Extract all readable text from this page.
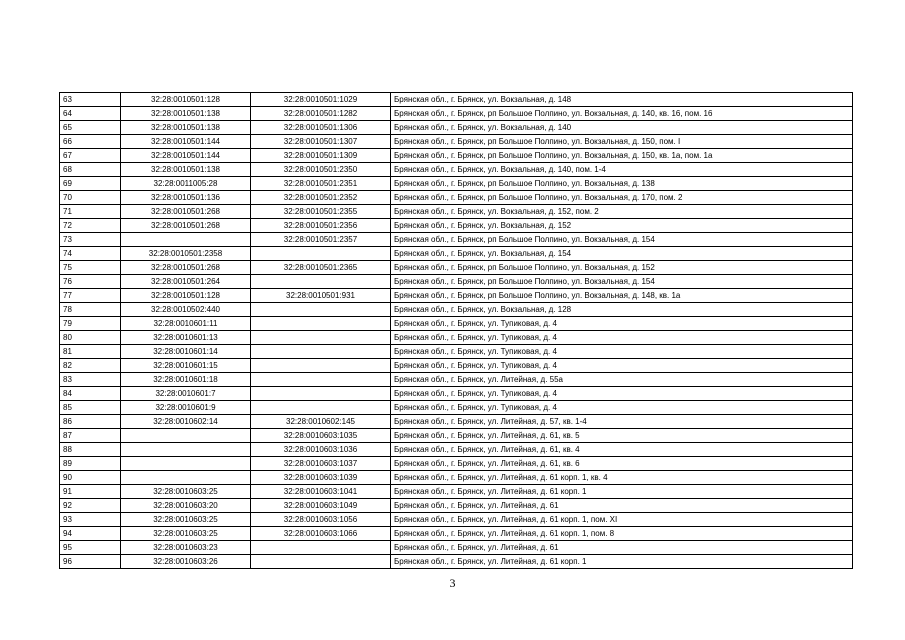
63	32:28:0010501:128	32:28:0010501:1029	Брянская обл., г. Брянск, ул. Вокзальная, д. 148
64	32:28:0010501:138	32:28:0010501:1282	Брянская обл., г. Брянск, рп Большое Полпино, ул. Вокзальная, д. 140, кв. 16, пом. 16
65	32:28:0010501:138	32:28:0010501:1306	Брянская обл., г. Брянск, ул. Вокзальная, д. 140
66	32:28:0010501:144	32:28:0010501:1307	Брянская обл., г. Брянск, рп Большое Полпино, ул. Вокзальная, д. 150, пом. I
67	32:28:0010501:144	32:28:0010501:1309	Брянская обл., г. Брянск, рп Большое Полпино, ул. Вокзальная, д. 150, кв. 1а, пом. 1а
68	32:28:0010501:138	32:28:0010501:2350	Брянская обл., г. Брянск, ул. Вокзальная, д. 140, пом. 1-4
69	32:28:0011005:28	32:28:0010501:2351	Брянская обл., г. Брянск, рп Большое Полпино, ул. Вокзальная, д. 138
70	32:28:0010501:136	32:28:0010501:2352	Брянская обл., г. Брянск, рп Большое Полпино, ул. Вокзальная, д. 170, пом. 2
71	32:28:0010501:268	32:28:0010501:2355	Брянская обл., г. Брянск, ул. Вокзальная, д. 152, пом. 2
72	32:28:0010501:268	32:28:0010501:2356	Брянская обл., г. Брянск, ул. Вокзальная, д. 152
73		32:28:0010501:2357	Брянская обл., г. Брянск, рп Большое Полпино, ул. Вокзальная, д. 154
74	32:28:0010501:2358		Брянская обл., г. Брянск, ул. Вокзальная, д. 154
75	32:28:0010501:268	32:28:0010501:2365	Брянская обл., г. Брянск, рп Большое Полпино, ул. Вокзальная, д. 152
76	32:28:0010501:264		Брянская обл., г. Брянск, рп Большое Полпино, ул. Вокзальная, д. 154
77	32:28:0010501:128	32:28:0010501:931	Брянская обл., г. Брянск, рп Большое Полпино, ул. Вокзальная, д. 148, кв. 1а
78	32:28:0010502:440		Брянская обл., г. Брянск, ул. Вокзальная, д. 128
79	32:28:0010601:11		Брянская обл., г. Брянск, ул. Тупиковая, д. 4
80	32:28:0010601:13		Брянская обл., г. Брянск, ул. Тупиковая, д. 4
81	32:28:0010601:14		Брянская обл., г. Брянск, ул. Тупиковая, д. 4
82	32:28:0010601:15		Брянская обл., г. Брянск, ул. Тупиковая, д. 4
83	32:28:0010601:18		Брянская обл., г. Брянск, ул. Литейная, д. 55а
84	32:28:0010601:7		Брянская обл., г. Брянск, ул. Тупиковая, д. 4
85	32:28:0010601:9		Брянская обл., г. Брянск, ул. Тупиковая, д. 4
86	32:28:0010602:14	32:28:0010602:145	Брянская обл., г. Брянск, ул. Литейная, д. 57, кв. 1-4
87		32:28:0010603:1035	Брянская обл., г. Брянск, ул. Литейная, д. 61, кв. 5
88		32:28:0010603:1036	Брянская обл., г. Брянск, ул. Литейная, д. 61, кв. 4
89		32:28:0010603:1037	Брянская обл., г. Брянск, ул. Литейная, д. 61, кв. 6
90		32:28:0010603:1039	Брянская обл., г. Брянск, ул. Литейная, д. 61 корп. 1, кв. 4
91	32:28:0010603:25	32:28:0010603:1041	Брянская обл., г. Брянск, ул. Литейная, д. 61 корп. 1
92	32:28:0010603:20	32:28:0010603:1049	Брянская обл., г. Брянск, ул. Литейная, д. 61
93	32:28:0010603:25	32:28:0010603:1056	Брянская обл., г. Брянск, ул. Литейная, д. 61 корп. 1, пом. XI
94	32:28:0010603:25	32:28:0010603:1066	Брянская обл., г. Брянск, ул. Литейная, д. 61 корп. 1, пом. 8
95	32:28:0010603:23		Брянская обл., г. Брянск, ул. Литейная, д. 61
96	32:28:0010603:26		Брянская обл., г. Брянск, ул. Литейная, д. 61 корп. 1
3
